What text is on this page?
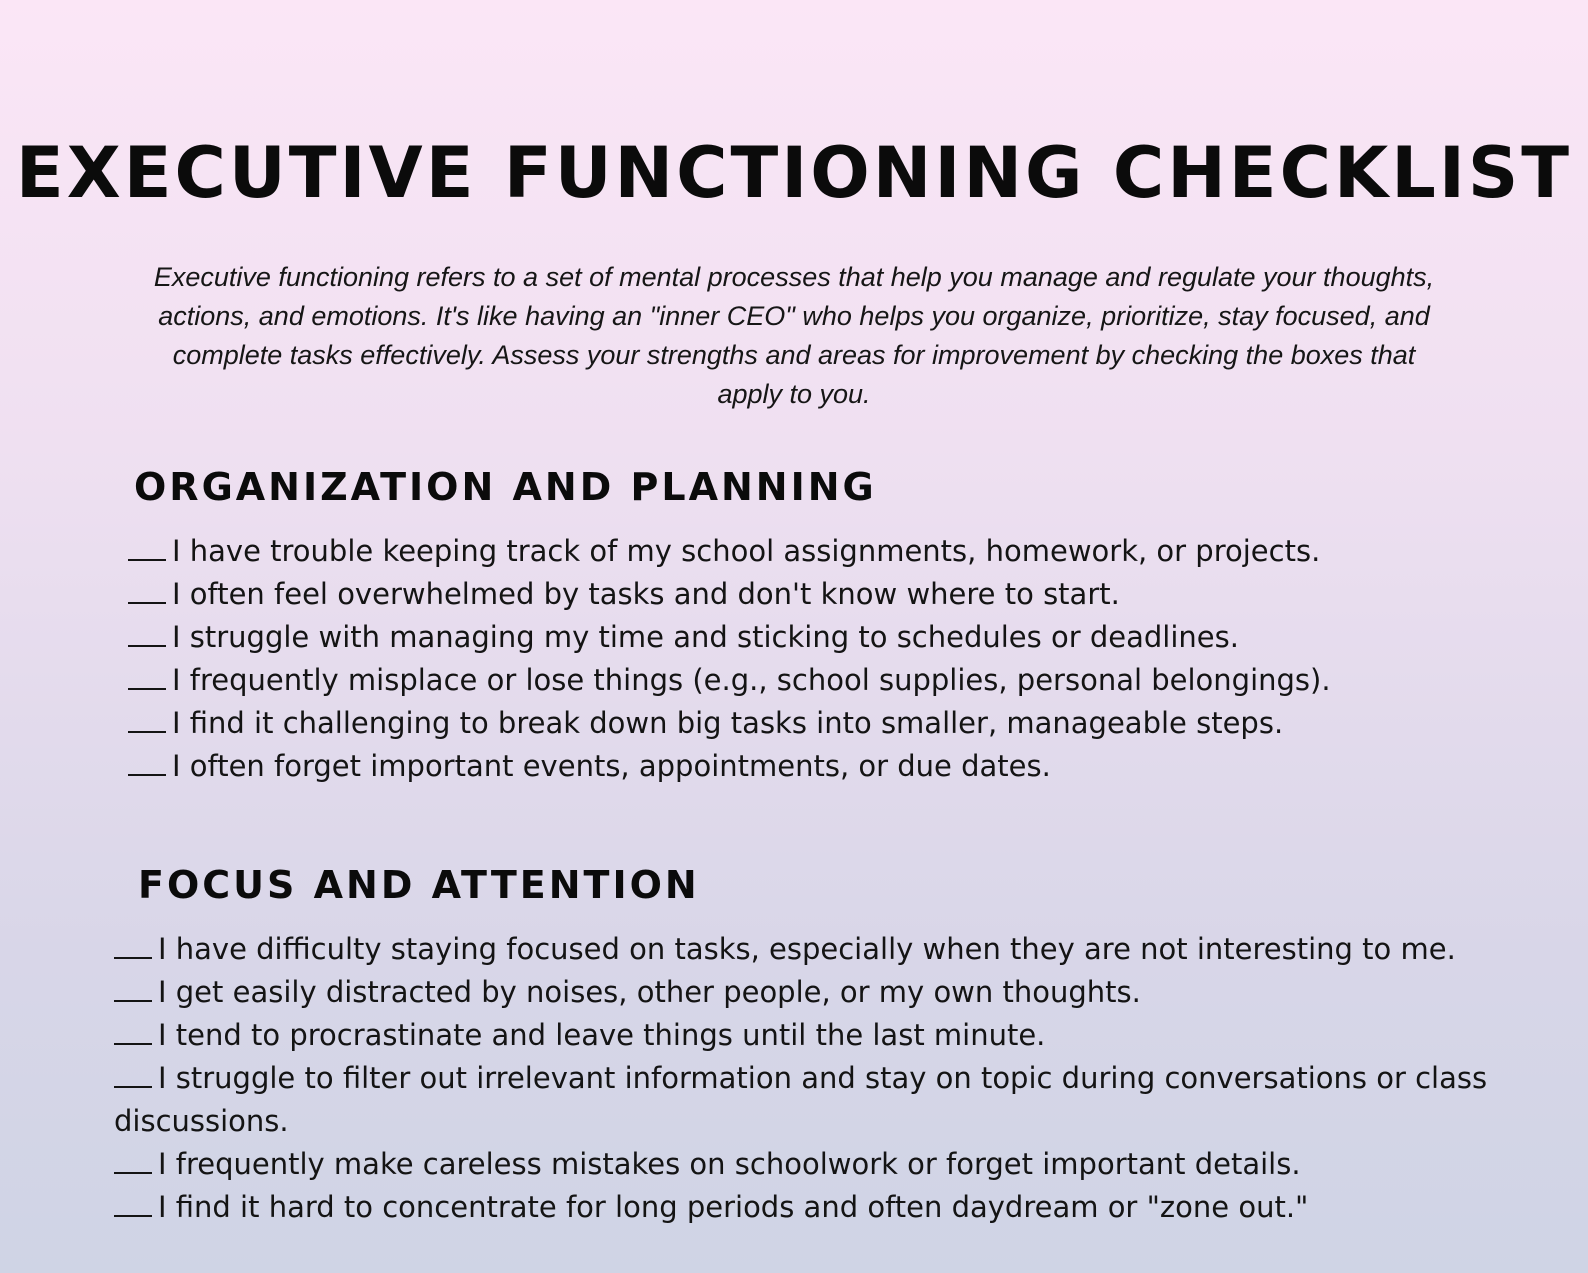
EXECUTIVE FUNCTIONING CHECKLIST
Executive functioning refers to a set of mental processes that help you manage and regulate your thoughts, actions, and emotions. It's like having an "inner CEO" who helps you organize, prioritize, stay focused, and complete tasks effectively. Assess your strengths and areas for improvement by checking the boxes that apply to you.
ORGANIZATION AND PLANNING
I have trouble keeping track of my school assignments, homework, or projects.
I often feel overwhelmed by tasks and don't know where to start.
I struggle with managing my time and sticking to schedules or deadlines.
I frequently misplace or lose things (e.g., school supplies, personal belongings).
I find it challenging to break down big tasks into smaller, manageable steps.
I often forget important events, appointments, or due dates.
FOCUS AND ATTENTION
I have difficulty staying focused on tasks, especially when they are not interesting to me.
I get easily distracted by noises, other people, or my own thoughts.
I tend to procrastinate and leave things until the last minute.
I struggle to filter out irrelevant information and stay on topic during conversations or class discussions.
I frequently make careless mistakes on schoolwork or forget important details.
I find it hard to concentrate for long periods and often daydream or "zone out."
